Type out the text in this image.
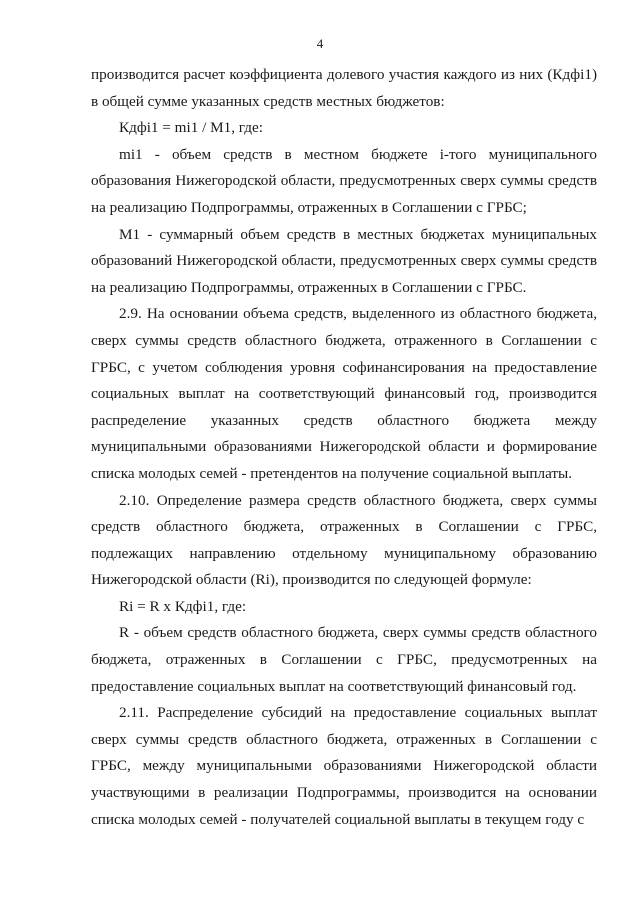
4

производится расчет коэффициента долевого участия каждого из них (Кдфi1) в общей сумме указанных средств местных бюджетов:

Кдфi1 = mi1 / M1, где:

mi1 - объем средств в местном бюджете i-того муниципального образования Нижегородской области, предусмотренных сверх суммы средств на реализацию Подпрограммы, отраженных в Соглашении с ГРБС;

M1 - суммарный объем средств в местных бюджетах муниципальных образований Нижегородской области, предусмотренных сверх суммы средств на реализацию Подпрограммы, отраженных в Соглашении с ГРБС.

2.9. На основании объема средств, выделенного из областного бюджета, сверх суммы средств областного бюджета, отраженного в Соглашении с ГРБС, с учетом соблюдения уровня софинансирования на предоставление социальных выплат на соответствующий финансовый год, производится распределение указанных средств областного бюджета между муниципальными образованиями Нижегородской области и формирование списка молодых семей - претендентов на получение социальной выплаты.

2.10. Определение размера средств областного бюджета, сверх суммы средств областного бюджета, отраженных в Соглашении с ГРБС, подлежащих направлению отдельному муниципальному образованию Нижегородской области (Ri), производится по следующей формуле:

Ri = R x Кдфi1, где:

R - объем средств областного бюджета, сверх суммы средств областного бюджета, отраженных в Соглашении с ГРБС, предусмотренных на предоставление социальных выплат на соответствующий финансовый год.

2.11. Распределение субсидий на предоставление социальных выплат сверх суммы средств областного бюджета, отраженных в Соглашении с ГРБС, между муниципальными образованиями Нижегородской области участвующими в реализации Подпрограммы, производится на основании списка молодых семей - получателей социальной выплаты в текущем году с
